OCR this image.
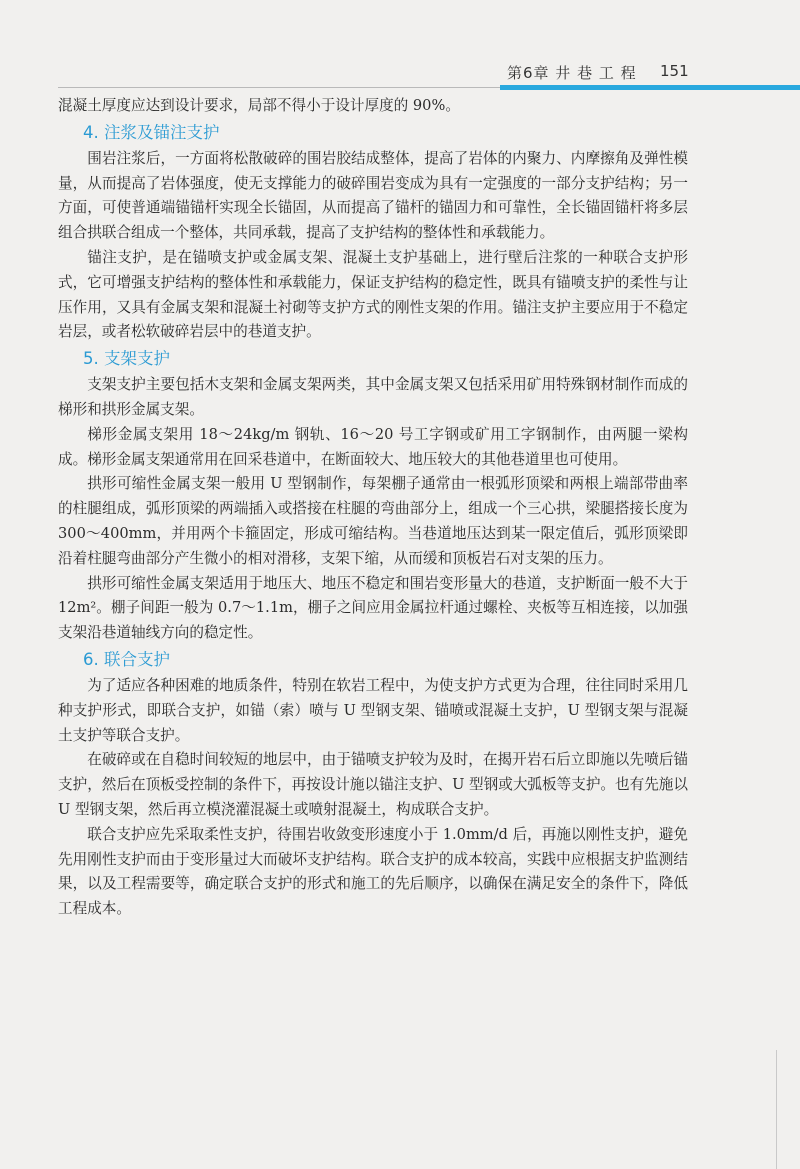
第6章 井 巷 工 程 151

混凝土厚度应达到设计要求，局部不得小于设计厚度的 90%。

4. 注浆及锚注支护

围岩注浆后，一方面将松散破碎的围岩胶结成整体，提高了岩体的内聚力、内摩擦角及弹性模量，从而提高了岩体强度，使无支撑能力的破碎围岩变成为具有一定强度的一部分支护结构；另一方面，可使普通端锚锚杆实现全长锚固，从而提高了锚杆的锚固力和可靠性，全长锚固锚杆将多层组合拱联合组成一个整体，共同承载，提高了支护结构的整体性和承载能力。

锚注支护，是在锚喷支护或金属支架、混凝土支护基础上，进行壁后注浆的一种联合支护形式，它可增强支护结构的整体性和承载能力，保证支护结构的稳定性，既具有锚喷支护的柔性与让压作用，又具有金属支架和混凝土衬砌等支护方式的刚性支架的作用。锚注支护主要应用于不稳定岩层，或者松软破碎岩层中的巷道支护。

5. 支架支护

支架支护主要包括木支架和金属支架两类，其中金属支架又包括采用矿用特殊钢材制作而成的梯形和拱形金属支架。

梯形金属支架用 18～24kg/m 钢轨、16～20 号工字钢或矿用工字钢制作，由两腿一梁构成。梯形金属支架通常用在回采巷道中，在断面较大、地压较大的其他巷道里也可使用。

拱形可缩性金属支架一般用 U 型钢制作，每架棚子通常由一根弧形顶梁和两根上端部带曲率的柱腿组成，弧形顶梁的两端插入或搭接在柱腿的弯曲部分上，组成一个三心拱，梁腿搭接长度为 300～400mm，并用两个卡箍固定，形成可缩结构。当巷道地压达到某一限定值后，弧形顶梁即沿着柱腿弯曲部分产生微小的相对滑移，支架下缩，从而缓和顶板岩石对支架的压力。

拱形可缩性金属支架适用于地压大、地压不稳定和围岩变形量大的巷道，支护断面一般不大于 12m²。棚子间距一般为 0.7～1.1m，棚子之间应用金属拉杆通过螺栓、夹板等互相连接，以加强支架沿巷道轴线方向的稳定性。

6. 联合支护

为了适应各种困难的地质条件，特别在软岩工程中，为使支护方式更为合理，往往同时采用几种支护形式，即联合支护，如锚（索）喷与 U 型钢支架、锚喷或混凝土支护，U 型钢支架与混凝土支护等联合支护。

在破碎或在自稳时间较短的地层中，由于锚喷支护较为及时，在揭开岩石后立即施以先喷后锚支护，然后在顶板受控制的条件下，再按设计施以锚注支护、U 型钢或大弧板等支护。也有先施以 U 型钢支架，然后再立模浇灌混凝土或喷射混凝土，构成联合支护。

联合支护应先采取柔性支护，待围岩收敛变形速度小于 1.0mm/d 后，再施以刚性支护，避免先用刚性支护而由于变形量过大而破坏支护结构。联合支护的成本较高，实践中应根据支护监测结果，以及工程需要等，确定联合支护的形式和施工的先后顺序，以确保在满足安全的条件下，降低工程成本。
